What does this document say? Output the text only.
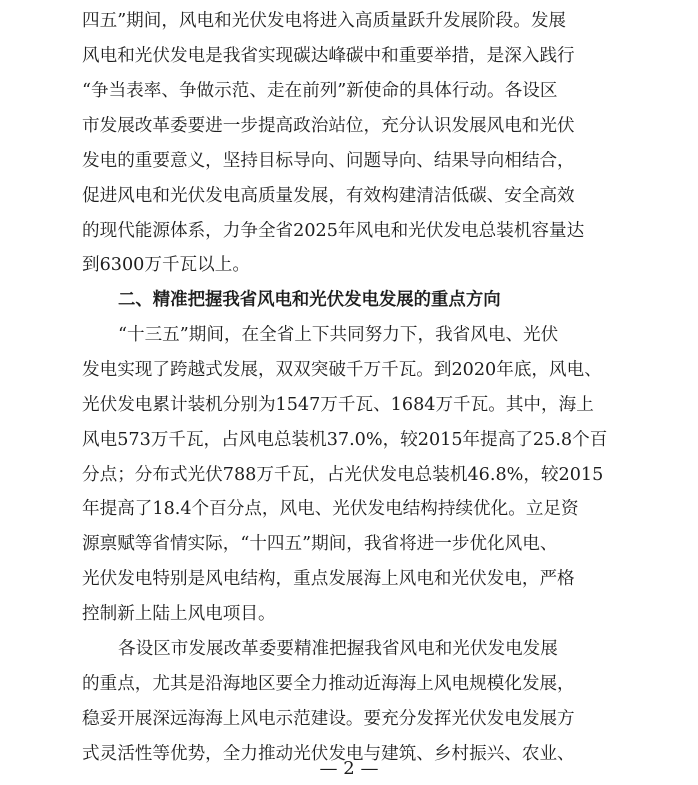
四五”期间，风电和光伏发电将进入高质量跃升发展阶段。发展
风电和光伏发电是我省实现碳达峰碳中和重要举措，是深入践行
“争当表率、争做示范、走在前列”新使命的具体行动。各设区
市发展改革委要进一步提高政治站位，充分认识发展风电和光伏
发电的重要意义，坚持目标导向、问题导向、结果导向相结合，
促进风电和光伏发电高质量发展，有效构建清洁低碳、安全高效
的现代能源体系，力争全省2025年风电和光伏发电总装机容量达
到6300万千瓦以上。
二、精准把握我省风电和光伏发电发展的重点方向
“十三五”期间，在全省上下共同努力下，我省风电、光伏
发电实现了跨越式发展，双双突破千万千瓦。到2020年底，风电、
光伏发电累计装机分别为1547万千瓦、1684万千瓦。其中，海上
风电573万千瓦，占风电总装机37.0%，较2015年提高了25.8个百
分点；分布式光伏788万千瓦，占光伏发电总装机46.8%，较2015
年提高了18.4个百分点，风电、光伏发电结构持续优化。立足资
源禀赋等省情实际，“十四五”期间，我省将进一步优化风电、
光伏发电特别是风电结构，重点发展海上风电和光伏发电，严格
控制新上陆上风电项目。
各设区市发展改革委要精准把握我省风电和光伏发电发展
的重点，尤其是沿海地区要全力推动近海海上风电规模化发展，
稳妥开展深远海海上风电示范建设。要充分发挥光伏发电发展方
式灵活性等优势，全力推动光伏发电与建筑、乡村振兴、农业、
— 2 —
